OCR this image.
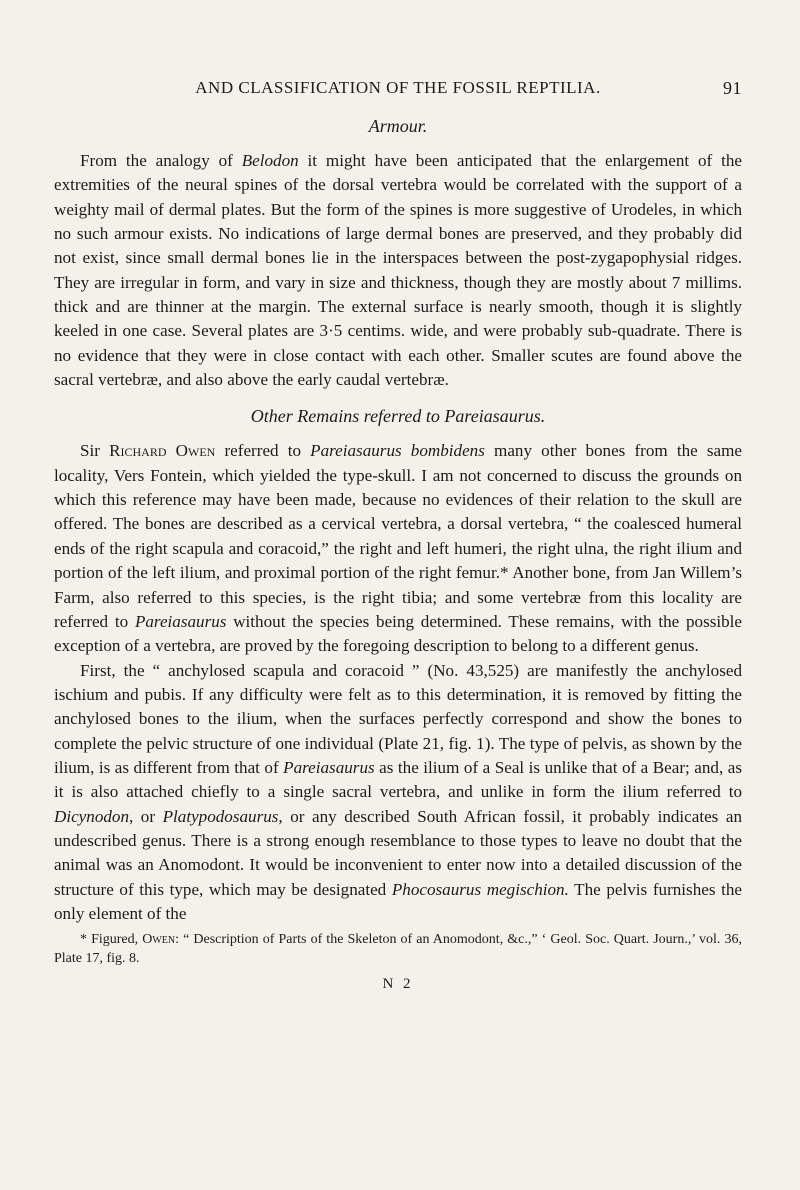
AND CLASSIFICATION OF THE FOSSIL REPTILIA.	91
Armour.

From the analogy of Belodon it might have been anticipated that the enlargement of the extremities of the neural spines of the dorsal vertebra would be correlated with the support of a weighty mail of dermal plates. But the form of the spines is more suggestive of Urodeles, in which no such armour exists. No indications of large dermal bones are preserved, and they probably did not exist, since small dermal bones lie in the interspaces between the post-zygapophysial ridges. They are irregular in form, and vary in size and thickness, though they are mostly about 7 millims. thick and are thinner at the margin. The external surface is nearly smooth, though it is slightly keeled in one case. Several plates are 3·5 centims. wide, and were probably sub-quadrate. There is no evidence that they were in close contact with each other. Smaller scutes are found above the sacral vertebræ, and also above the early caudal vertebræ.

Other Remains referred to Pareiasaurus.

Sir Richard Owen referred to Pareiasaurus bombidens many other bones from the same locality, Vers Fontein, which yielded the type-skull. I am not concerned to discuss the grounds on which this reference may have been made, because no evidences of their relation to the skull are offered. The bones are described as a cervical vertebra, a dorsal vertebra, “ the coalesced humeral ends of the right scapula and coracoid,” the right and left humeri, the right ulna, the right ilium and portion of the left ilium, and proximal portion of the right femur.* Another bone, from Jan Willem’s Farm, also referred to this species, is the right tibia; and some vertebræ from this locality are referred to Pareiasaurus without the species being determined. These remains, with the possible exception of a vertebra, are proved by the foregoing description to belong to a different genus.

First, the “ anchylosed scapula and coracoid ” (No. 43,525) are manifestly the anchylosed ischium and pubis. If any difficulty were felt as to this determination, it is removed by fitting the anchylosed bones to the ilium, when the surfaces perfectly correspond and show the bones to complete the pelvic structure of one individual (Plate 21, fig. 1). The type of pelvis, as shown by the ilium, is as different from that of Pareiasaurus as the ilium of a Seal is unlike that of a Bear; and, as it is also attached chiefly to a single sacral vertebra, and unlike in form the ilium referred to Dicynodon, or Platypodosaurus, or any described South African fossil, it probably indicates an undescribed genus. There is a strong enough resemblance to those types to leave no doubt that the animal was an Anomodont. It would be inconvenient to enter now into a detailed discussion of the structure of this type, which may be designated Phocosaurus megischion. The pelvis furnishes the only element of the

* Figured, Owen: “ Description of Parts of the Skeleton of an Anomodont, &c.,” ‘ Geol. Soc. Quart. Journ.,’ vol. 36, Plate 17, fig. 8.

N 2
